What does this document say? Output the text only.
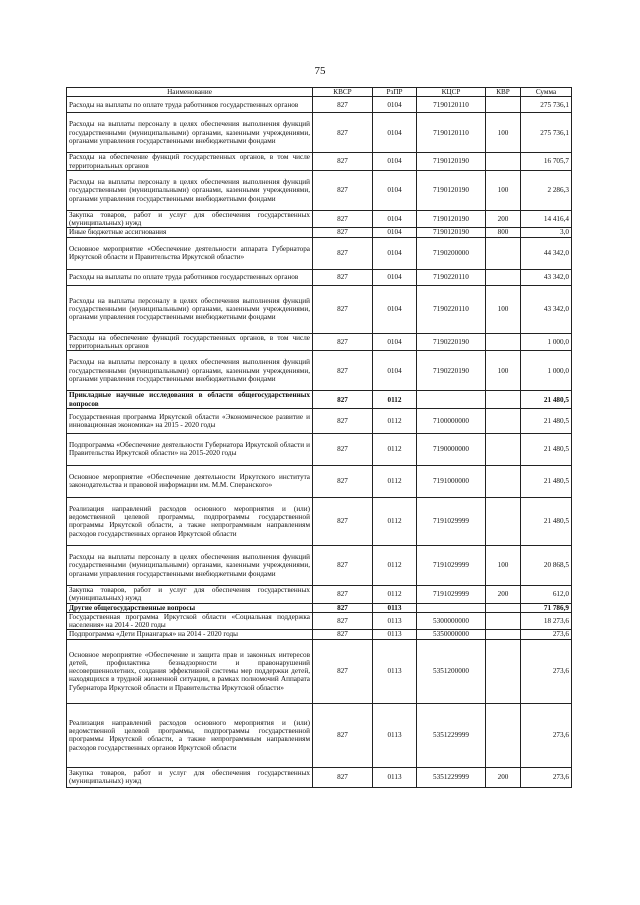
75
Наименование	КВСР	РзПР	КЦСР	КВР	Сумма
Расходы на выплаты по оплате труда работников государственных органов	827	0104	7190120110		275 736,1
Расходы на выплаты персоналу в целях обеспечения выполнения функций государственными (муниципальными) органами, казенными учреждениями, органами управления государственными внебюджетными фондами	827	0104	7190120110	100	275 736,1
Расходы на обеспечение функций государственных органов, в том числе территориальных органов	827	0104	7190120190		16 705,7
Расходы на выплаты персоналу в целях обеспечения выполнения функций государственными (муниципальными) органами, казенными учреждениями, органами управления государственными внебюджетными фондами	827	0104	7190120190	100	2 286,3
Закупка товаров, работ и услуг для обеспечения государственных (муниципальных) нужд	827	0104	7190120190	200	14 416,4
Иные бюджетные ассигнования	827	0104	7190120190	800	3,0
Основное мероприятие «Обеспечение деятельности аппарата Губернатора Иркутской области и Правительства Иркутской области»	827	0104	7190200000		44 342,0
Расходы на выплаты по оплате труда работников государственных органов	827	0104	7190220110		43 342,0
Расходы на выплаты персоналу в целях обеспечения выполнения функций государственными (муниципальными) органами, казенными учреждениями, органами управления государственными внебюджетными фондами	827	0104	7190220110	100	43 342,0
Расходы на обеспечение функций государственных органов, в том числе территориальных органов	827	0104	7190220190		1 000,0
Расходы на выплаты персоналу в целях обеспечения выполнения функций государственными (муниципальными) органами, казенными учреждениями, органами управления государственными внебюджетными фондами	827	0104	7190220190	100	1 000,0
Прикладные научные исследования в области общегосударственных вопросов	827	0112			21 480,5
Государственная программа Иркутской области «Экономическое развитие и инновационная экономика» на 2015 - 2020 годы	827	0112	7100000000		21 480,5
Подпрограмма «Обеспечение деятельности Губернатора Иркутской области и Правительства Иркутской области» на 2015-2020 годы	827	0112	7190000000		21 480,5
Основное мероприятие «Обеспечение деятельности Иркутского института законодательства и правовой информации им. М.М. Сперанского»	827	0112	7191000000		21 480,5
Реализация направлений расходов основного мероприятия и (или) ведомственной целевой программы, подпрограммы государственной программы Иркутской области, а также непрограммным направлениям расходов государственных органов Иркутской области	827	0112	7191029999		21 480,5
Расходы на выплаты персоналу в целях обеспечения выполнения функций государственными (муниципальными) органами, казенными учреждениями, органами управления государственными внебюджетными фондами	827	0112	7191029999	100	20 868,5
Закупка товаров, работ и услуг для обеспечения государственных (муниципальных) нужд	827	0112	7191029999	200	612,0
Другие общегосударственные вопросы	827	0113			71 786,9
Государственная программа Иркутской области «Социальная поддержка населения» на 2014 - 2020 годы	827	0113	5300000000		18 273,6
Подпрограмма «Дети Приангарья» на 2014 - 2020 годы	827	0113	5350000000		273,6
Основное мероприятие «Обеспечение и защита прав и законных интересов детей, профилактика безнадзорности и правонарушений несовершеннолетних, создания эффективной системы мер поддержки детей, находящихся в трудной жизненной ситуации, в рамках полномочий Аппарата Губернатора Иркутской области и Правительства Иркутской области»	827	0113	5351200000		273,6
Реализация направлений расходов основного мероприятия и (или) ведомственной целевой программы, подпрограммы государственной программы Иркутской области, а также непрограммным направлениям расходов государственных органов Иркутской области	827	0113	5351229999		273,6
Закупка товаров, работ и услуг для обеспечения государственных (муниципальных) нужд	827	0113	5351229999	200	273,6
